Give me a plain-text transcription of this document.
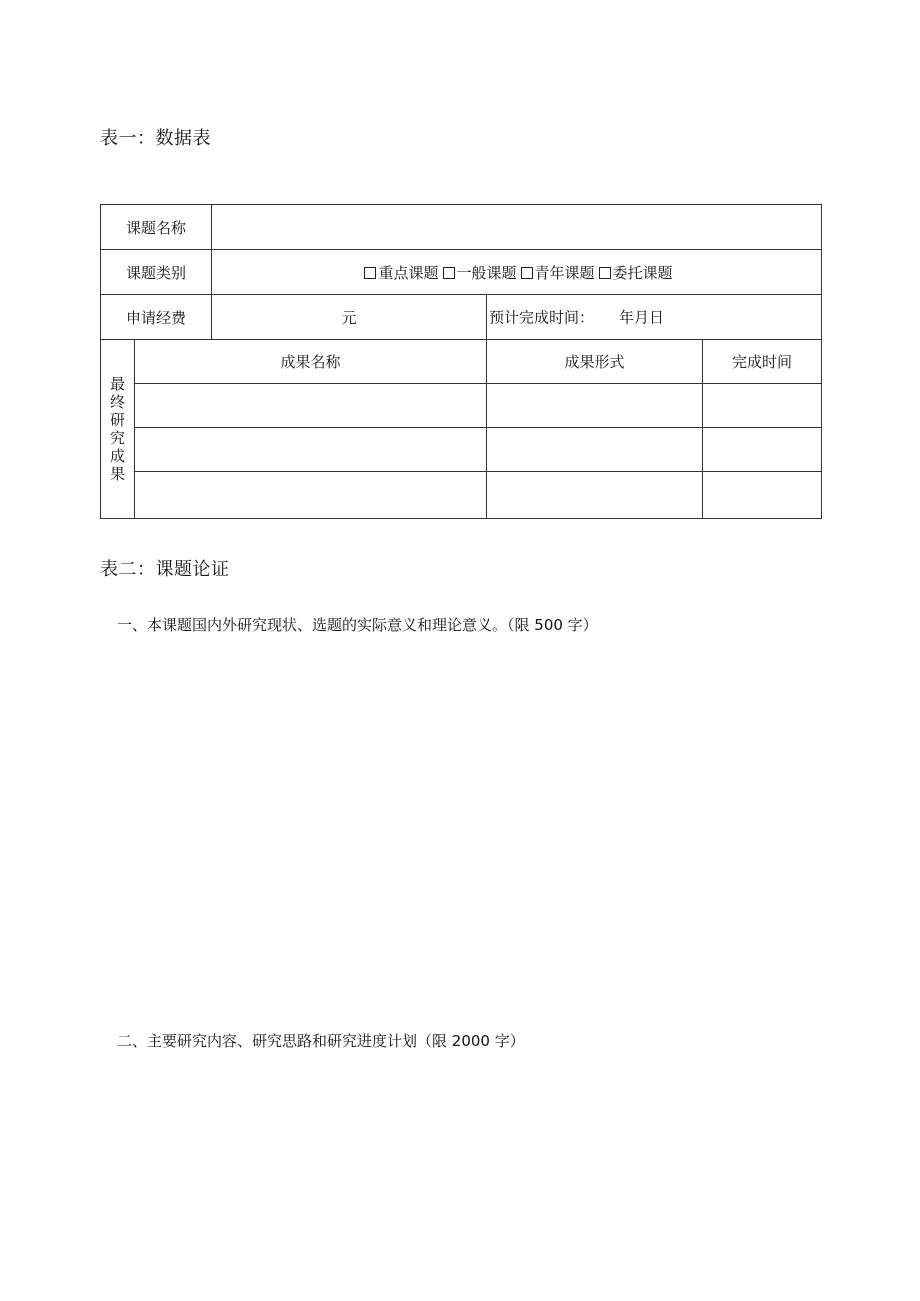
表一：数据表
课题名称				
课题类别		重点课题 一般课题 青年课题 委托课题		
申请经费		元	预计完成时间： 年月日	

最终研究成果	成果名称		成果形式	完成时间

表二：课题论证
一、本课题国内外研究现状、选题的实际意义和理论意义。（限 500 字）
二、主要研究内容、研究思路和研究进度计划（限 2000 字）
